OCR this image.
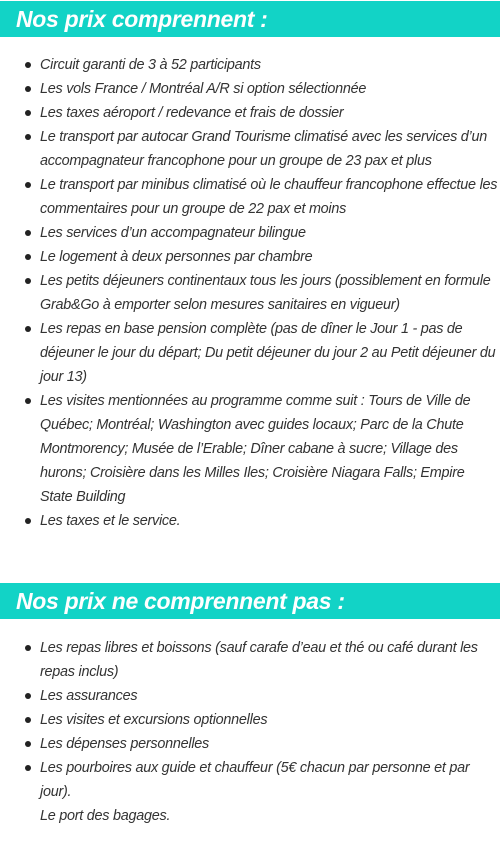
Nos prix comprennent :
Circuit garanti de 3 à 52 participants
Les vols France / Montréal A/R si option sélectionnée
Les taxes aéroport / redevance et frais de dossier
Le transport par autocar Grand Tourisme climatisé avec les services d’un accompagnateur francophone pour un groupe de 23 pax et plus
Le transport par minibus climatisé où le chauffeur francophone effectue les commentaires pour un groupe de 22 pax et moins
Les services d’un accompagnateur bilingue
Le logement à deux personnes par chambre
Les petits déjeuners continentaux tous les jours (possiblement en formule Grab&Go à emporter selon mesures sanitaires en vigueur)
Les repas en base pension complète (pas de dîner le Jour 1 - pas de déjeuner le jour du départ; Du petit déjeuner du jour 2 au Petit déjeuner du jour 13)
Les visites mentionnées au programme comme suit : Tours de Ville de Québec; Montréal; Washington avec guides locaux; Parc de la Chute Montmorency; Musée de l’Erable; Dîner cabane à sucre; Village des hurons; Croisière dans les Milles Iles; Croisière Niagara Falls; Empire State Building
Les taxes et le service.
Nos prix ne comprennent pas :
Les repas libres et boissons (sauf carafe d’eau et thé ou café durant les repas inclus)
Les assurances
Les visites et excursions optionnelles
Les dépenses personnelles
Les pourboires aux guide et chauffeur (5€ chacun par personne et par jour).
Le port des bagages.
